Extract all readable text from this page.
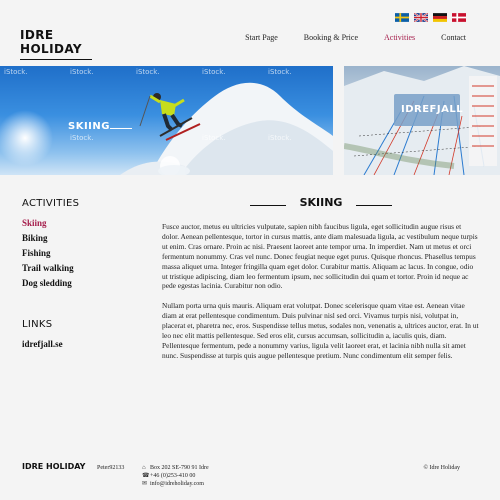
IDRE HOLIDAY
Start Page	Booking & Price	Activities	Contact
iStock.	iStock.	iStock.	iStock.	iStock.
iStock.	iStock.	iStock.
SKIING
IDREFJALL
ACTIVITIES
Skiing
Biking
Fishing
Trail walking
Dog sledding
LINKS
idrefjall.se
SKIING

Fusce auctor, metus eu ultricies vulputate, sapien nibh faucibus ligula, eget sollicitudin augue risus et dolor. Aenean pellentesque, tortor in cursus mattis, ante diam malesuada ligula, ac vestibulum neque turpis ut enim. Cras ornare. Proin ac nisi. Praesent laoreet ante tempor urna. In imperdiet. Nam ut metus et orci fermentum nonummy. Cras vel nunc. Donec feugiat neque eget purus. Quisque rhoncus. Phasellus tempus massa aliquet urna. Integer fringilla quam eget dolor. Curabitur mattis. Aliquam ac lacus. In congue, odio ut tristique adipiscing, diam leo fermentum ipsum, nec sollicitudin dui quam et tortor. Proin id neque ac pede egestas lacinia. Curabitur non odio.

Nullam porta urna quis mauris. Aliquam erat volutpat. Donec scelerisque quam vitae est. Aenean vitae diam at erat pellentesque condimentum. Duis pulvinar nisl sed orci. Vivamus turpis nisi, volutpat in, placerat et, pharetra nec, eros. Suspendisse tellus metus, sodales non, venenatis a, ultrices auctor, erat. In ut leo nec elit mattis pellentesque. Sed eros elit, cursus accumsan, sollicitudin a, iaculis quis, diam. Pellentesque fermentum, pede a nonummy varius, ligula velit laoreet erat, et lacinia nibh nulla sit amet nunc. Suspendisse at turpis quis augue pellentesque pretium. Nunc condimentum elit semper felis.

IDRE HOLIDAY Peter92133	⌂ Box 202 SE-790 91 Idre
☎+46 (0)253-410 00
✉ info@idreholiday.com
© Idre Holiday
